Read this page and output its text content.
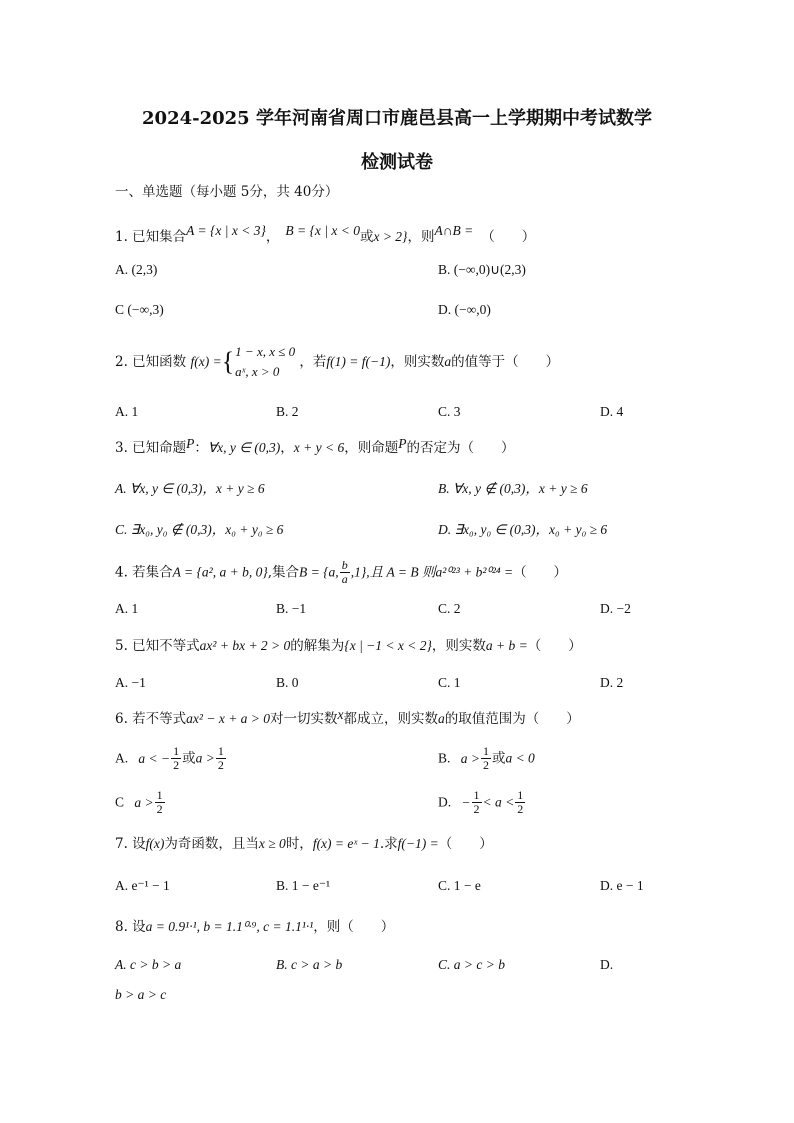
2024-2025 学年河南省周口市鹿邑县高一上学期期中考试数学
检测试卷
一、单选题（每小题 5分，共 40分）
1. 已知集合A = {x | x < 3}， B = {x | x < 0或x > 2}，则A∩B = （　　）
A. (2,3)	B. (−∞,0)∪(2,3)
C (−∞,3)	D. (−∞,0)
2. 已知函数 f(x) ={ 1 − x, x ≤ 0
aˣ, x > 0
，若f(1) = f(−1)，则实数a的值等于（　　）
A. 1	B. 2	C. 3	D. 4
3. 已知命题P：∀x, y ∈ (0,3)，x + y < 6，则命题P的否定为（　　）
A. ∀x, y ∈ (0,3)，x + y ≥ 6	B. ∀x, y ∉ (0,3)，x + y ≥ 6
C. ∃x₀, y₀ ∉ (0,3)，x₀ + y₀ ≥ 6	D. ∃x₀, y₀ ∈ (0,3)，x₀ + y₀ ≥ 6
4. 若集合A = {a², a + b, 0},集合B = {a, $\frac{b}{a} ,1$},且 A = B 则a²⁰²³ + b²⁰²⁴ =（　　）
A. 1	B. −1	C. 2	D. −2
5. 已知不等式ax² + bx + 2 > 0的解集为{x | −1 < x < 2}，则实数a + b =（　　）
A. −1	B. 0	C. 1	D. 2
6. 若不等式ax² − x + a > 0对一切实数x都成立，则实数a的取值范围为（　　）
A. a < − $\frac{1}{2}$ 或$a > \frac{1}{2}$	B. $a > \frac{1}{2}$ 或a < 0
C $a > \frac{1}{2}$	D. − $\frac{1}{2} < a < \frac{1}{2}$
7. 设f(x)为奇函数，且当x ≥ 0时，f(x) = eˣ − 1.求f(−1) =（　　）
A. e⁻¹ − 1	B. 1 − e⁻¹	C. 1 − e	D. e − 1
8. 设a = 0.9¹·¹, b = 1.1⁰·⁹, c = 1.1¹·¹，则（　　）
A. c > b > a	B. c > a > b	C. a > c > b	D.
b > a > c
